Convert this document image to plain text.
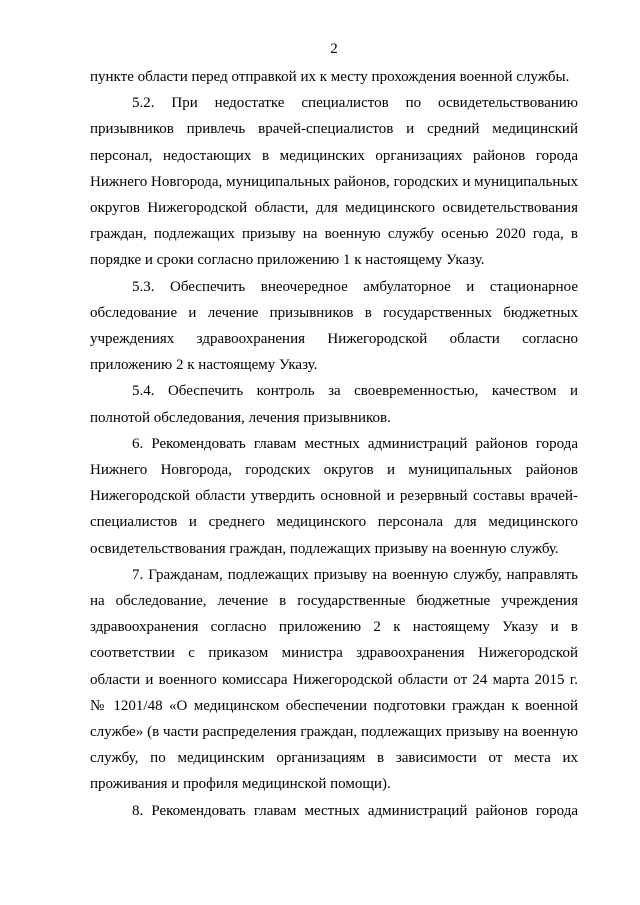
2

пункте области перед отправкой их к месту прохождения военной службы.

5.2. При недостатке специалистов по освидетельствованию призывников привлечь врачей-специалистов и средний медицинский персонал, недостающих в медицинских организациях районов города Нижнего Новгорода, муниципальных районов, городских и муниципальных округов Нижегородской области, для медицинского освидетельствования граждан, подлежащих призыву на военную службу осенью 2020 года, в порядке и сроки согласно приложению 1 к настоящему Указу.

5.3. Обеспечить внеочередное амбулаторное и стационарное обследование и лечение призывников в государственных бюджетных учреждениях здравоохранения Нижегородской области согласно приложению 2 к настоящему Указу.

5.4. Обеспечить контроль за своевременностью, качеством и полнотой обследования, лечения призывников.

6. Рекомендовать главам местных администраций районов города Нижнего Новгорода, городских округов и муниципальных районов Нижегородской области утвердить основной и резервный составы врачей-специалистов и среднего медицинского персонала для медицинского освидетельствования граждан, подлежащих призыву на военную службу.

7. Гражданам, подлежащих призыву на военную службу, направлять на обследование, лечение в государственные бюджетные учреждения здравоохранения согласно приложению 2 к настоящему Указу и в соответствии с приказом министра здравоохранения Нижегородской области и военного комиссара Нижегородской области от 24 марта 2015 г. № 1201/48 «О медицинском обеспечении подготовки граждан к военной службе» (в части распределения граждан, подлежащих призыву на военную службу, по медицинским организациям в зависимости от места их проживания и профиля медицинской помощи).

8. Рекомендовать главам местных администраций районов города
